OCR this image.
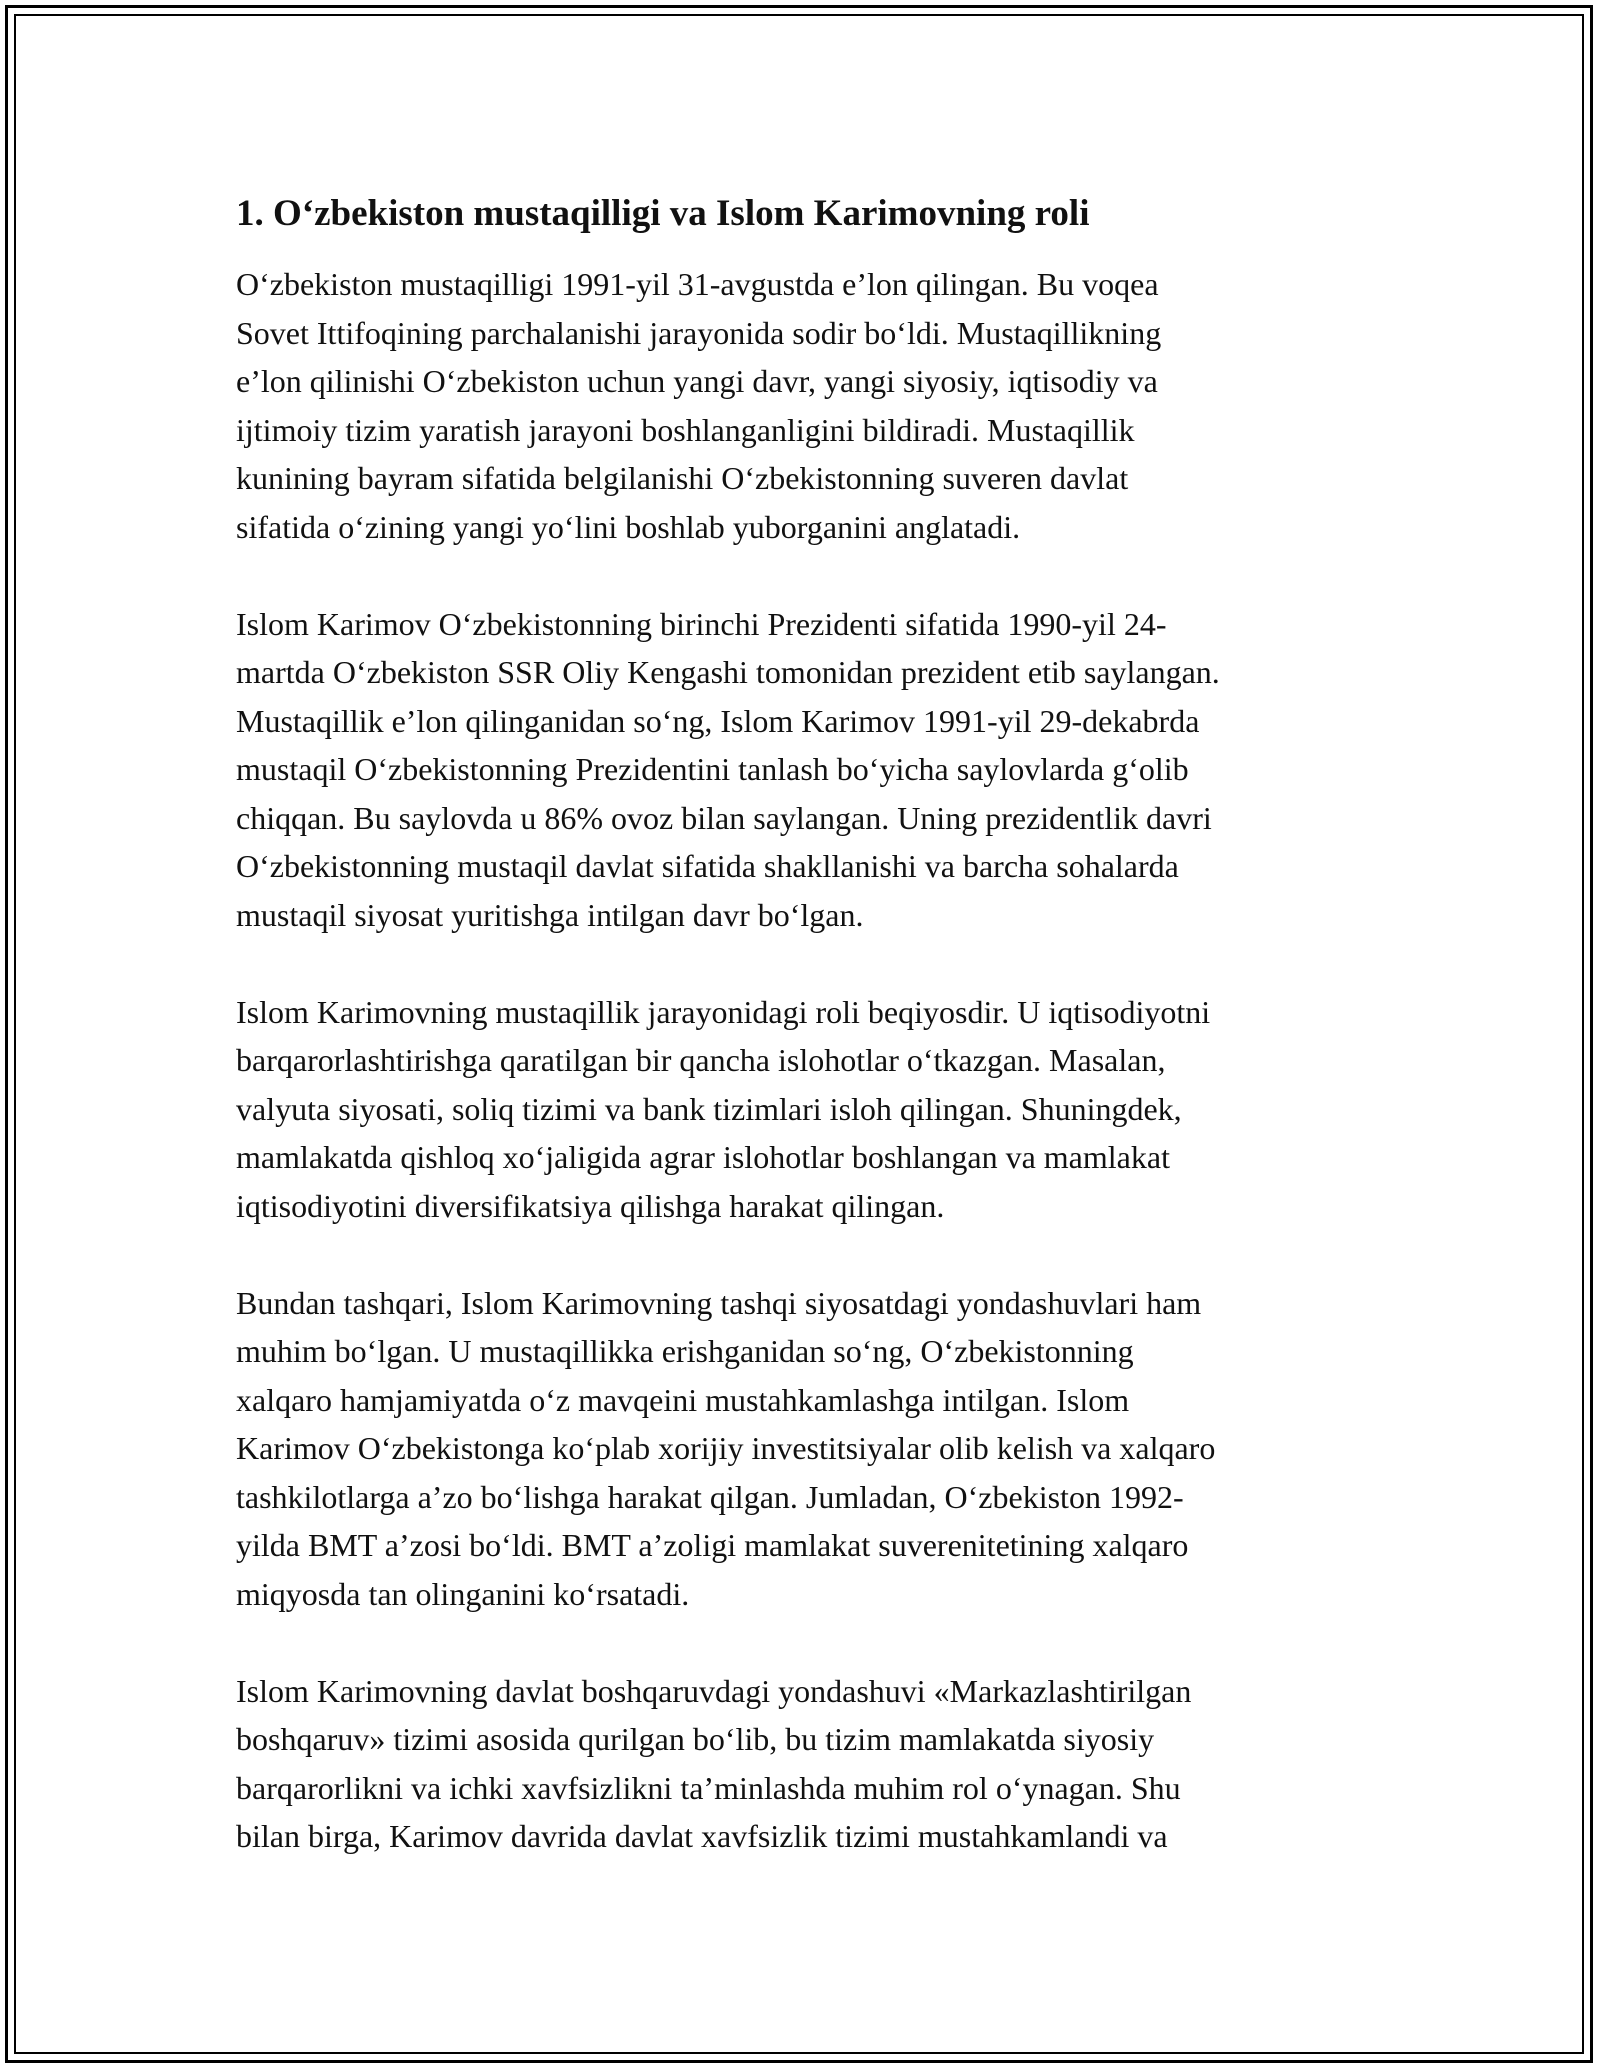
1. O‘zbekiston mustaqilligi va Islom Karimovning roli
O‘zbekiston mustaqilligi 1991-yil 31-avgustda e’lon qilingan. Bu voqea
Sovet Ittifoqining parchalanishi jarayonida sodir bo‘ldi. Mustaqillikning
e’lon qilinishi O‘zbekiston uchun yangi davr, yangi siyosiy, iqtisodiy va
ijtimoiy tizim yaratish jarayoni boshlanganligini bildiradi. Mustaqillik
kunining bayram sifatida belgilanishi O‘zbekistonning suveren davlat
sifatida o‘zining yangi yo‘lini boshlab yuborganini anglatadi.
Islom Karimov O‘zbekistonning birinchi Prezidenti sifatida 1990-yil 24-
martda O‘zbekiston SSR Oliy Kengashi tomonidan prezident etib saylangan.
Mustaqillik e’lon qilinganidan so‘ng, Islom Karimov 1991-yil 29-dekabrda
mustaqil O‘zbekistonning Prezidentini tanlash bo‘yicha saylovlarda g‘olib
chiqqan. Bu saylovda u 86% ovoz bilan saylangan. Uning prezidentlik davri
O‘zbekistonning mustaqil davlat sifatida shakllanishi va barcha sohalarda
mustaqil siyosat yuritishga intilgan davr bo‘lgan.
Islom Karimovning mustaqillik jarayonidagi roli beqiyosdir. U iqtisodiyotni
barqarorlashtirishga qaratilgan bir qancha islohotlar o‘tkazgan. Masalan,
valyuta siyosati, soliq tizimi va bank tizimlari isloh qilingan. Shuningdek,
mamlakatda qishloq xo‘jaligida agrar islohotlar boshlangan va mamlakat
iqtisodiyotini diversifikatsiya qilishga harakat qilingan.
Bundan tashqari, Islom Karimovning tashqi siyosatdagi yondashuvlari ham
muhim bo‘lgan. U mustaqillikka erishganidan so‘ng, O‘zbekistonning
xalqaro hamjamiyatda o‘z mavqeini mustahkamlashga intilgan. Islom
Karimov O‘zbekistonga ko‘plab xorijiy investitsiyalar olib kelish va xalqaro
tashkilotlarga a’zo bo‘lishga harakat qilgan. Jumladan, O‘zbekiston 1992-
yilda BMT a’zosi bo‘ldi. BMT a’zoligi mamlakat suverenitetining xalqaro
miqyosda tan olinganini ko‘rsatadi.
Islom Karimovning davlat boshqaruvdagi yondashuvi «Markazlashtirilgan
boshqaruv» tizimi asosida qurilgan bo‘lib, bu tizim mamlakatda siyosiy
barqarorlikni va ichki xavfsizlikni ta’minlashda muhim rol o‘ynagan. Shu
bilan birga, Karimov davrida davlat xavfsizlik tizimi mustahkamlandi va
